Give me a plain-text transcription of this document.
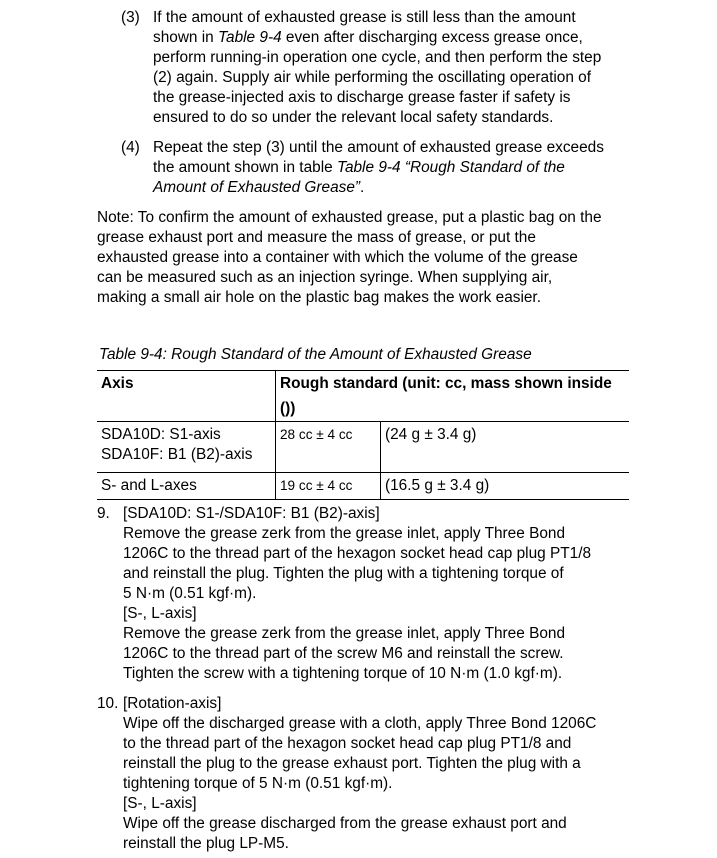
(3) If the amount of exhausted grease is still less than the amount
shown in Table 9-4 even after discharging excess grease once,
perform running-in operation one cycle, and then perform the step
(2) again. Supply air while performing the oscillating operation of
the grease-injected axis to discharge grease faster if safety is
ensured to do so under the relevant local safety standards.
(4) Repeat the step (3) until the amount of exhausted grease exceeds
the amount shown in table Table 9-4 “Rough Standard of the
Amount of Exhausted Grease”.
Note: To confirm the amount of exhausted grease, put a plastic bag on the
grease exhaust port and measure the mass of grease, or put the
exhausted grease into a container with which the volume of the grease
can be measured such as an injection syringe. When supplying air,
making a small air hole on the plastic bag makes the work easier.
Table 9-4: Rough Standard of the Amount of Exhausted Grease
Axis	Rough standard (unit: cc, mass shown inside ())	

SDA10D: S1-axis
SDA10F: B1 (B2)-axis	28 cc ± 4 cc	(24 g ± 3.4 g)
S- and L-axes	19 cc ± 4 cc	(16.5 g ± 3.4 g)
9. [SDA10D: S1-/SDA10F: B1 (B2)-axis]
Remove the grease zerk from the grease inlet, apply Three Bond
1206C to the thread part of the hexagon socket head cap plug PT1/8
and reinstall the plug. Tighten the plug with a tightening torque of
5 N·m (0.51 kgf·m).
[S-, L-axis]
Remove the grease zerk from the grease inlet, apply Three Bond
1206C to the thread part of the screw M6 and reinstall the screw.
Tighten the screw with a tightening torque of 10 N·m (1.0 kgf·m).
10. [Rotation-axis]
Wipe off the discharged grease with a cloth, apply Three Bond 1206C
to the thread part of the hexagon socket head cap plug PT1/8 and
reinstall the plug to the grease exhaust port. Tighten the plug with a
tightening torque of 5 N·m (0.51 kgf·m).
[S-, L-axis]
Wipe off the grease discharged from the grease exhaust port and
reinstall the plug LP-M5.
